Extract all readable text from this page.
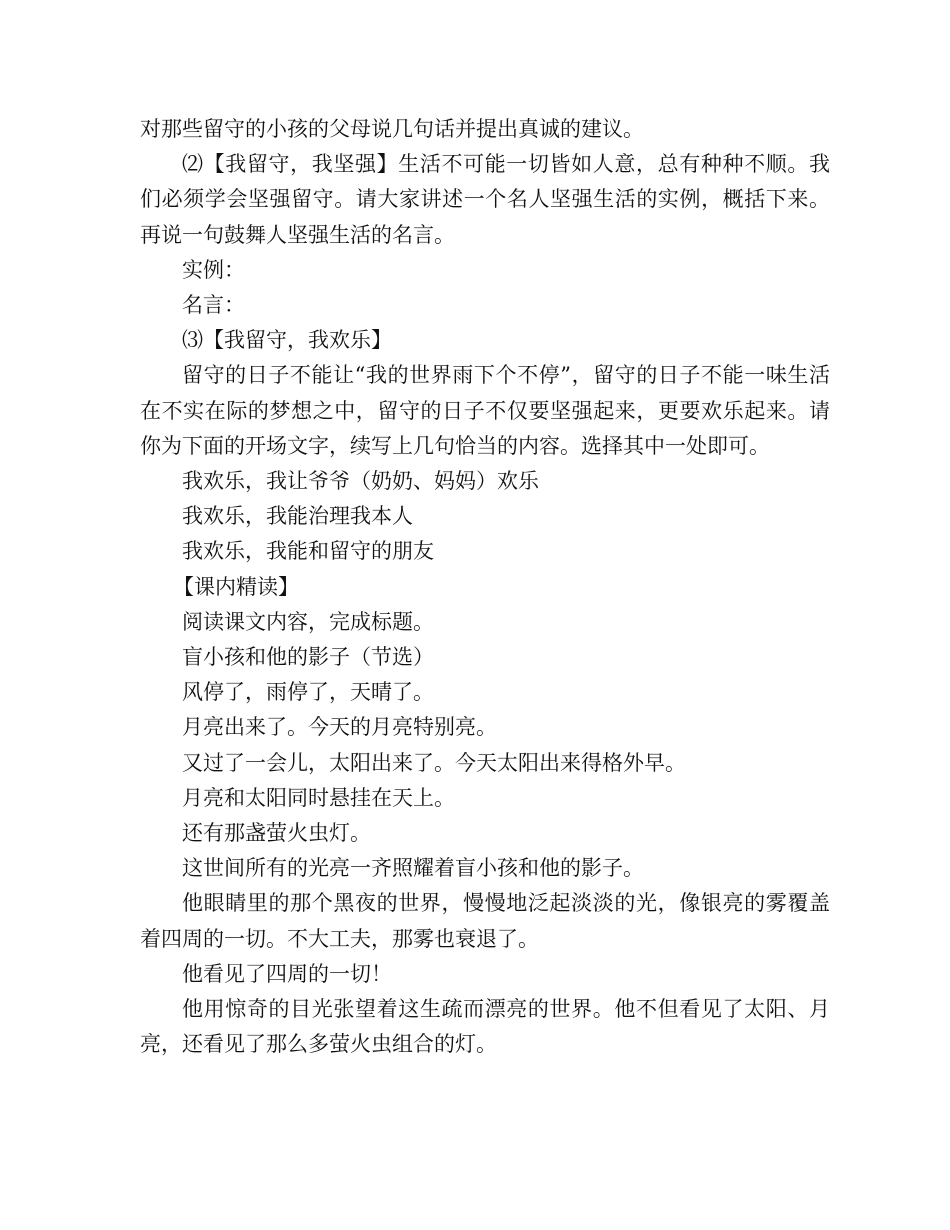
对那些留守的小孩的父母说几句话并提出真诚的建议。

⑵【我留守，我坚强】生活不可能一切皆如人意，总有种种不顺。我们必须学会坚强留守。请大家讲述一个名人坚强生活的实例，概括下来。再说一句鼓舞人坚强生活的名言。

实例：

名言：

⑶【我留守，我欢乐】

留守的日子不能让“我的世界雨下个不停”，留守的日子不能一味生活在不实在际的梦想之中，留守的日子不仅要坚强起来，更要欢乐起来。请你为下面的开场文字，续写上几句恰当的内容。选择其中一处即可。

我欢乐，我让爷爷（奶奶、妈妈）欢乐

我欢乐，我能治理我本人

我欢乐，我能和留守的朋友

【课内精读】

阅读课文内容，完成标题。

盲小孩和他的影子（节选）

风停了，雨停了，天晴了。

月亮出来了。今天的月亮特别亮。

又过了一会儿，太阳出来了。今天太阳出来得格外早。

月亮和太阳同时悬挂在天上。

还有那盏萤火虫灯。

这世间所有的光亮一齐照耀着盲小孩和他的影子。

他眼睛里的那个黑夜的世界，慢慢地泛起淡淡的光，像银亮的雾覆盖着四周的一切。不大工夫，那雾也衰退了。

他看见了四周的一切！

他用惊奇的目光张望着这生疏而漂亮的世界。他不但看见了太阳、月亮，还看见了那么多萤火虫组合的灯。
